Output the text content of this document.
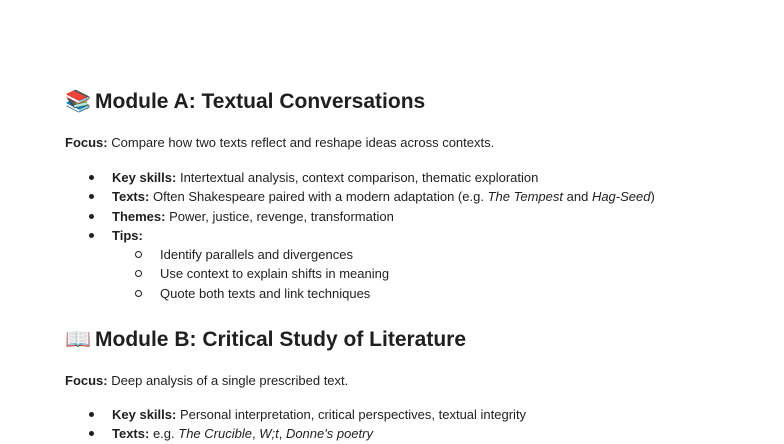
📚 Module A: Textual Conversations
Focus: Compare how two texts reflect and reshape ideas across contexts.
Key skills: Intertextual analysis, context comparison, thematic exploration
Texts: Often Shakespeare paired with a modern adaptation (e.g. The Tempest and Hag-Seed)
Themes: Power, justice, revenge, transformation
Tips:
Identify parallels and divergences
Use context to explain shifts in meaning
Quote both texts and link techniques
📖 Module B: Critical Study of Literature
Focus: Deep analysis of a single prescribed text.
Key skills: Personal interpretation, critical perspectives, textual integrity
Texts: e.g. The Crucible, W;t, Donne's poetry
